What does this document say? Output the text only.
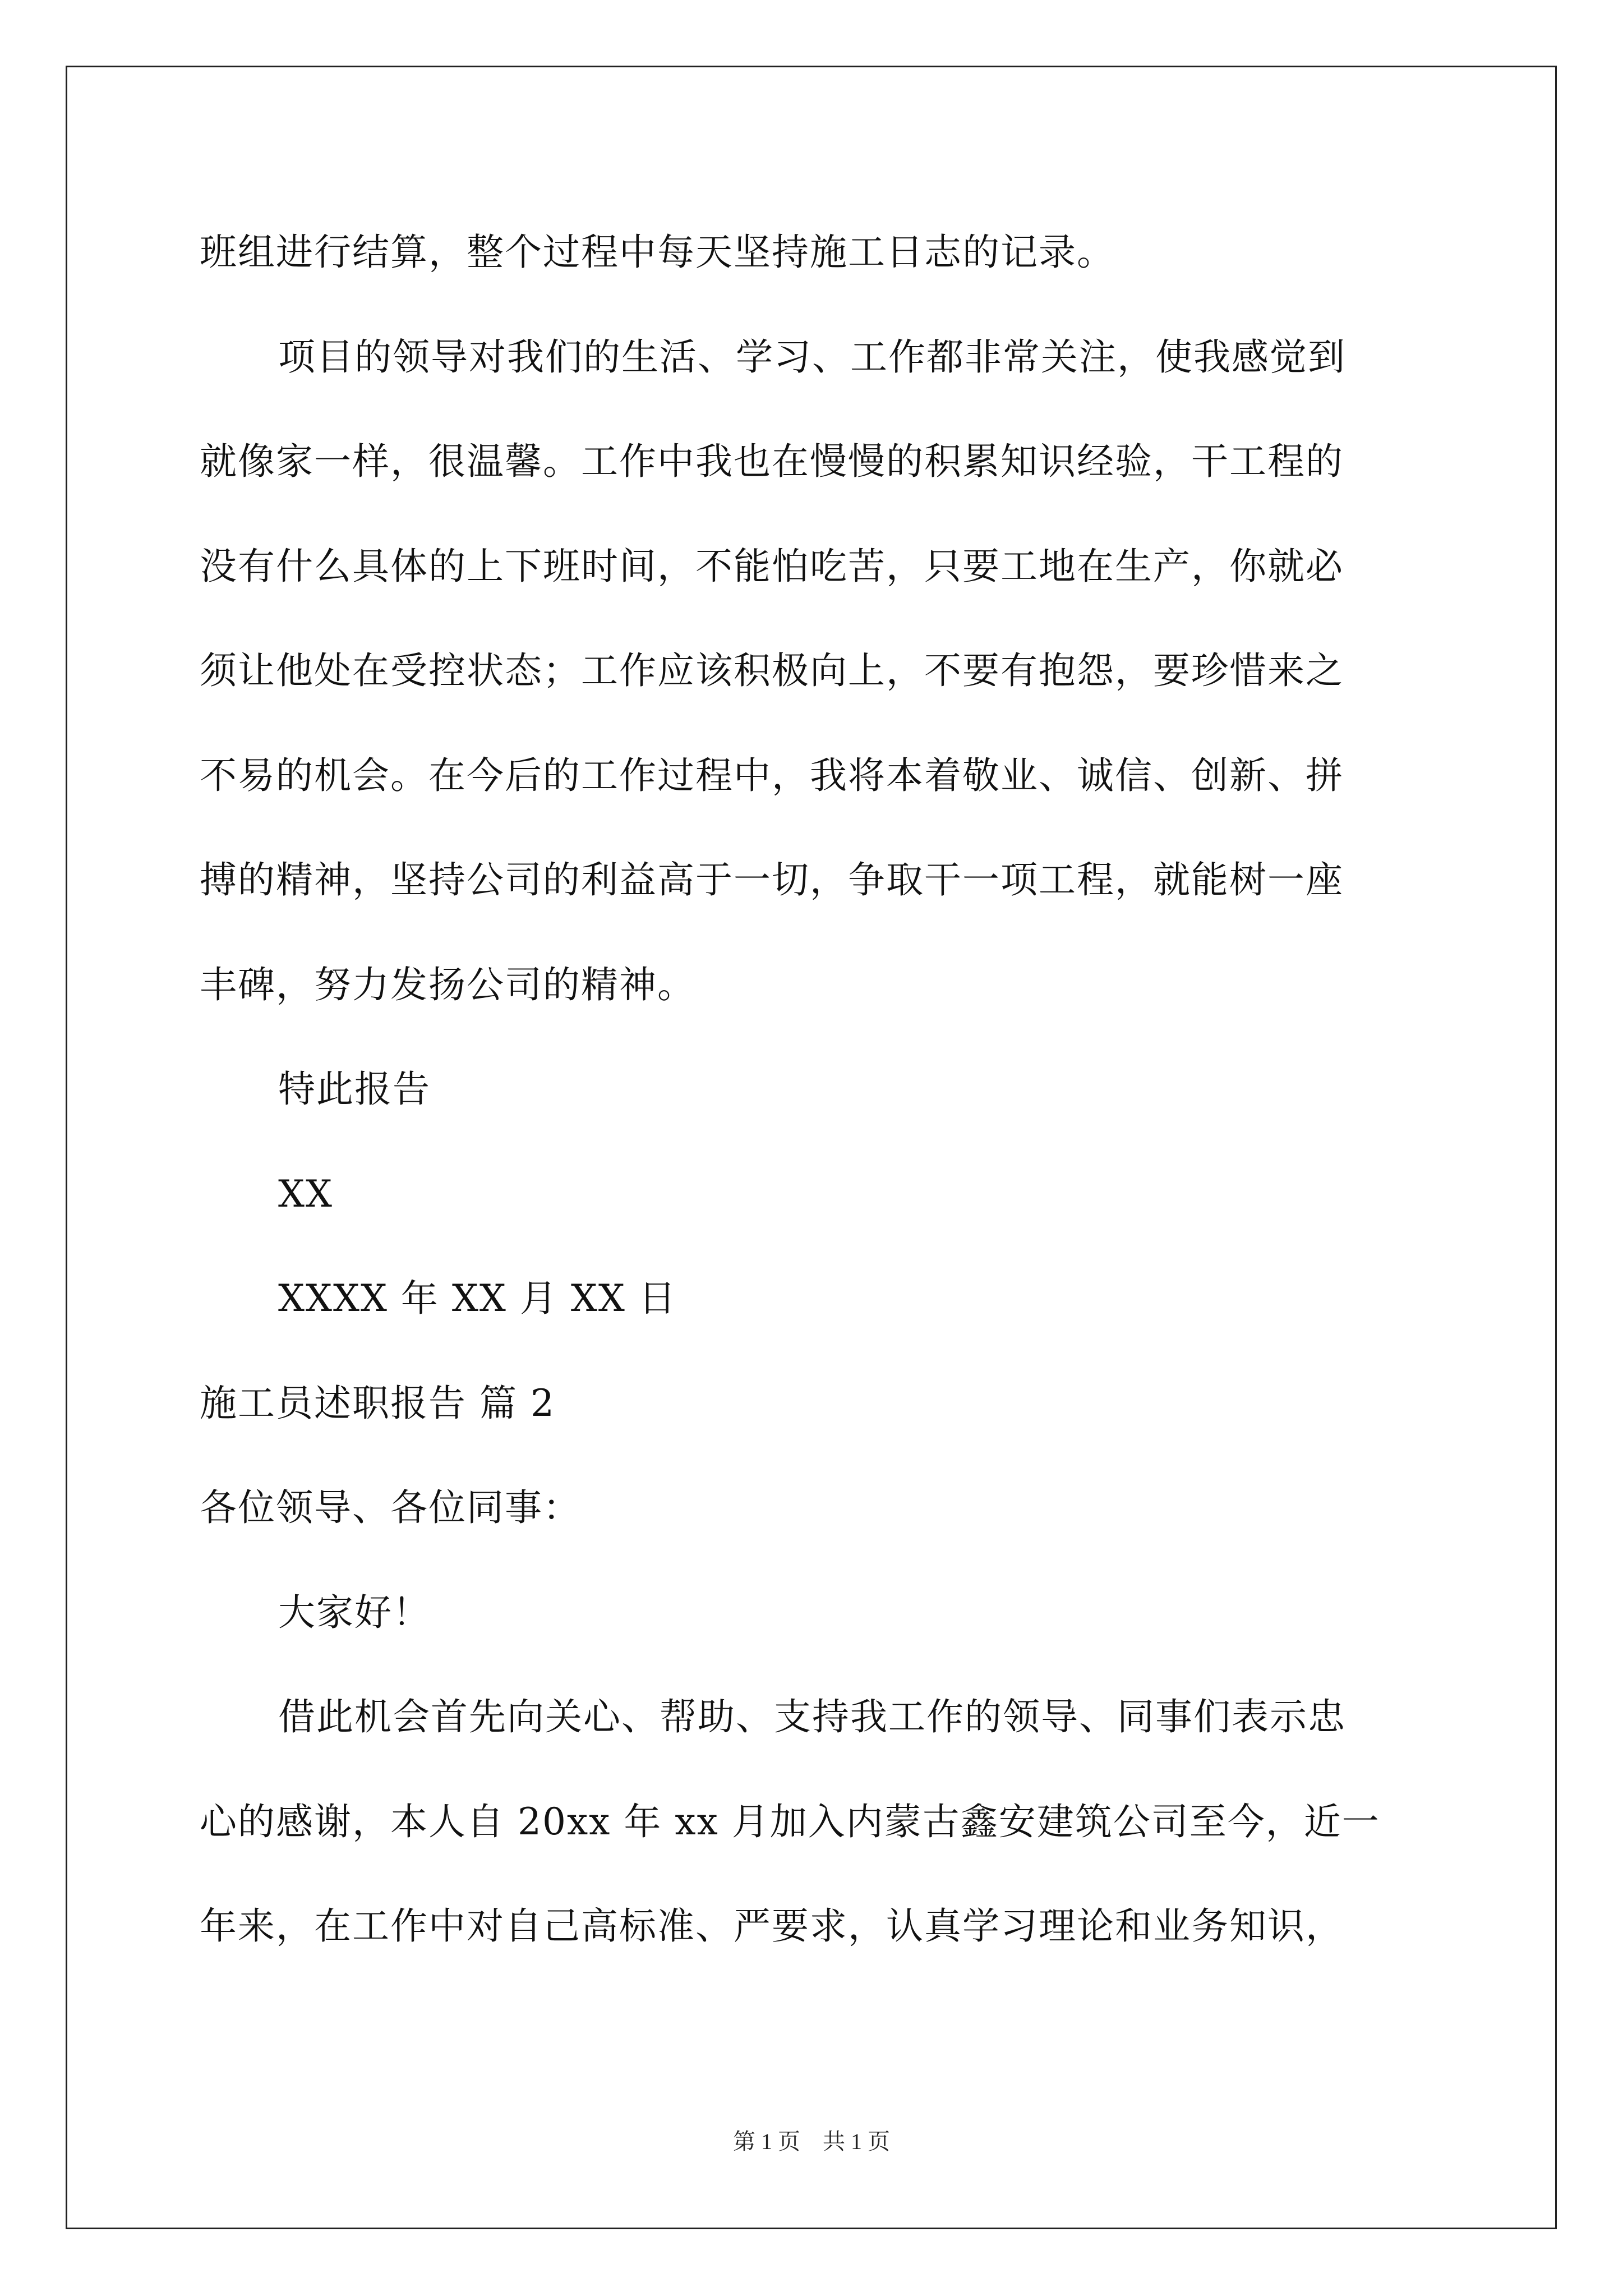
班组进行结算，整个过程中每天坚持施工日志的记录。
项目的领导对我们的生活、学习、工作都非常关注，使我感觉到
就像家一样，很温馨。工作中我也在慢慢的积累知识经验，干工程的
没有什么具体的上下班时间，不能怕吃苦，只要工地在生产，你就必
须让他处在受控状态；工作应该积极向上，不要有抱怨，要珍惜来之
不易的机会。在今后的工作过程中，我将本着敬业、诚信、创新、拼
搏的精神，坚持公司的利益高于一切，争取干一项工程，就能树一座
丰碑，努力发扬公司的精神。
特此报告
XX
XXXX 年 XX 月 XX 日
施工员述职报告 篇 2
各位领导、各位同事：
大家好！
借此机会首先向关心、帮助、支持我工作的领导、同事们表示忠
心的感谢，本人自 20xx 年 xx 月加入内蒙古鑫安建筑公司至今，近一
年来，在工作中对自己高标准、严要求，认真学习理论和业务知识，
第 1 页　共 1 页
